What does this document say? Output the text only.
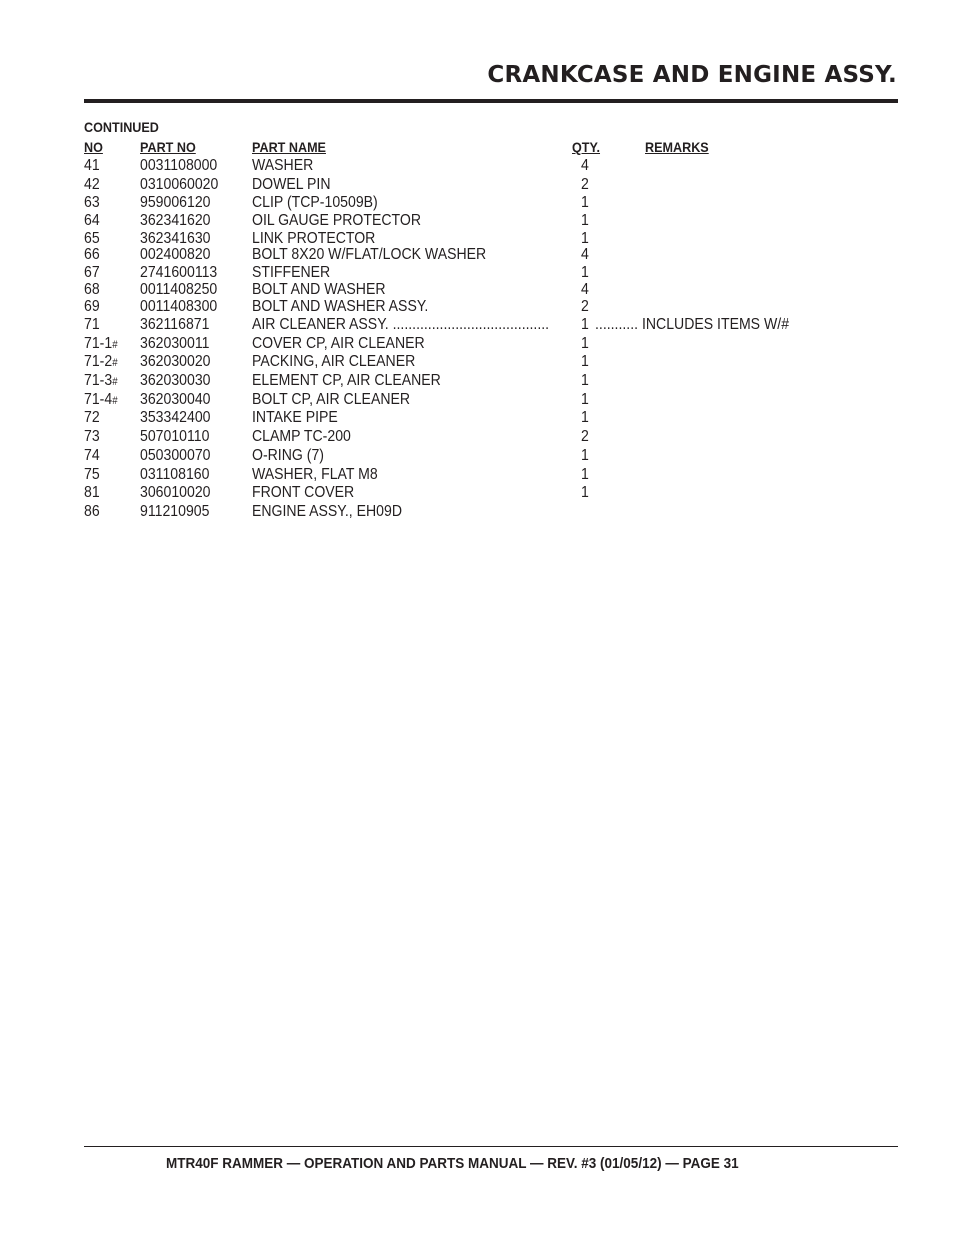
CRANKCASE AND ENGINE ASSY.
CONTINUED
NO	PART NO	PART NAME	QTY.	REMARKS
41	0031108000 WASHER	4
42	0310060020 DOWEL PIN	2
63	959006120	CLIP (TCP-10509B)	1
64	362341620	OIL GAUGE PROTECTOR	1
65	362341630	LINK PROTECTOR	1
66	002400820	BOLT 8X20 W/FLAT/LOCK WASHER	4
67	2741600113 STIFFENER	1
68	0011408250 BOLT AND WASHER	4
69	0011408300 BOLT AND WASHER ASSY.	2
71	362116871	AIR CLEANER ASSY. ........................................ 1 ........... INCLUDES ITEMS W/#
71-1# 362030011	COVER CP, AIR CLEANER	1
71-2# 362030020	PACKING, AIR CLEANER	1
71-3# 362030030	ELEMENT CP, AIR CLEANER	1
71-4# 362030040	BOLT CP, AIR CLEANER	1
72	353342400	INTAKE PIPE	1
73	507010110	CLAMP TC-200	2
74	050300070	O-RING (7)	1
75	031108160	WASHER, FLAT M8	1
81	306010020	FRONT COVER	1
86	911210905	ENGINE ASSY., EH09D
MTR40F RAMMER — OPERATION AND PARTS MANUAL — REV. #3 (01/05/12) — PAGE 31
